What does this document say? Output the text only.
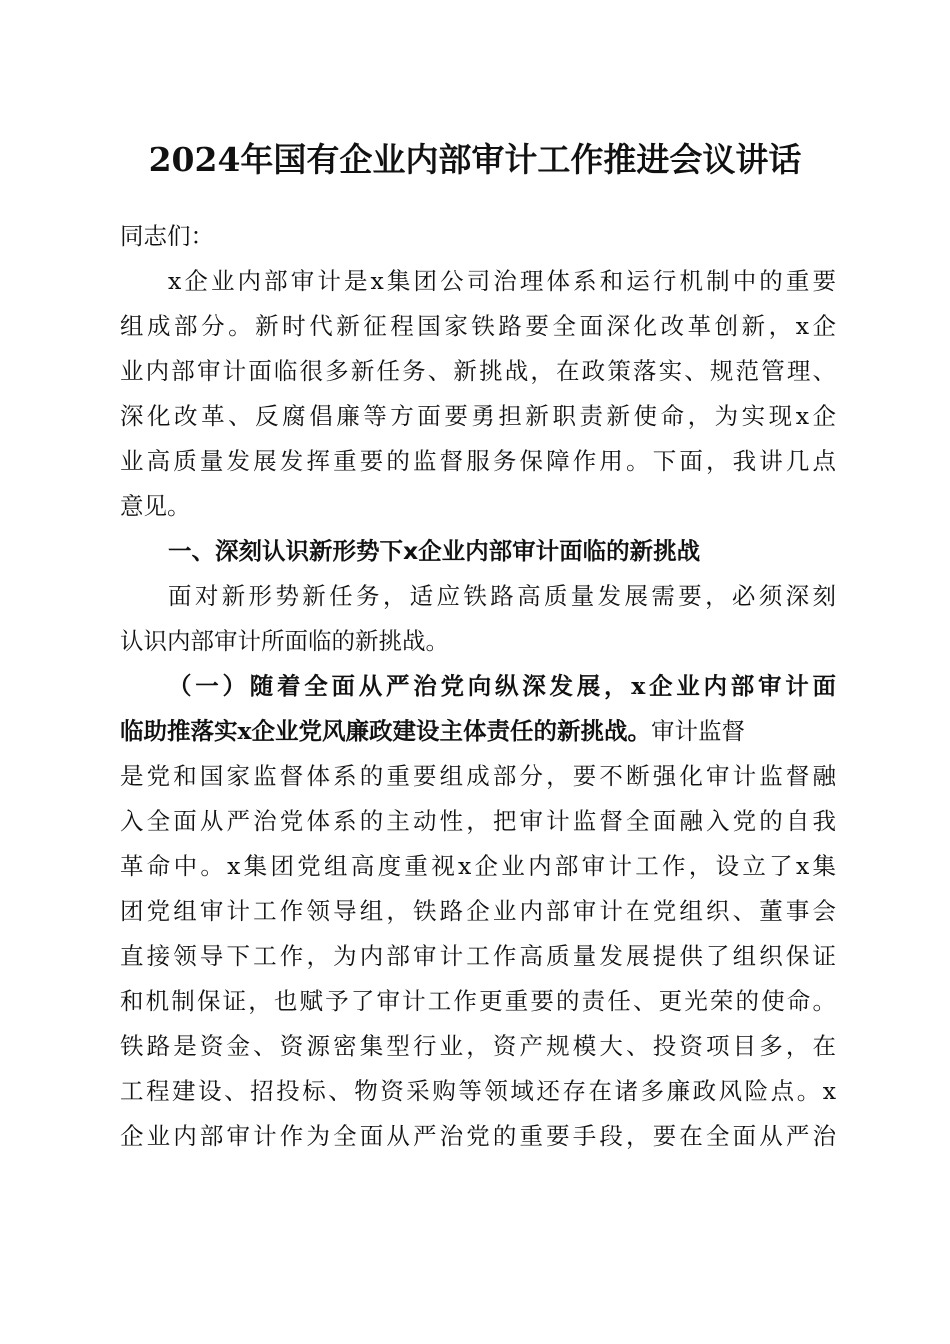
2024年国有企业内部审计工作推进会议讲话
同志们：
x企业内部审计是x集团公司治理体系和运行机制中的重要
组成部分。新时代新征程国家铁路要全面深化改革创新，x企
业内部审计面临很多新任务、新挑战，在政策落实、规范管理、
深化改革、反腐倡廉等方面要勇担新职责新使命，为实现x企
业高质量发展发挥重要的监督服务保障作用。下面，我讲几点
意见。
一、深刻认识新形势下x企业内部审计面临的新挑战
面对新形势新任务，适应铁路高质量发展需要，必须深刻
认识内部审计所面临的新挑战。
（一）随着全面从严治党向纵深发展，x企业内部审计面
临助推落实x企业党风廉政建设主体责任的新挑战。审计监督
是党和国家监督体系的重要组成部分，要不断强化审计监督融
入全面从严治党体系的主动性，把审计监督全面融入党的自我
革命中。x集团党组高度重视x企业内部审计工作，设立了x集
团党组审计工作领导组，铁路企业内部审计在党组织、董事会
直接领导下工作，为内部审计工作高质量发展提供了组织保证
和机制保证，也赋予了审计工作更重要的责任、更光荣的使命。
铁路是资金、资源密集型行业，资产规模大、投资项目多，在
工程建设、招投标、物资采购等领域还存在诸多廉政风险点。x
企业内部审计作为全面从严治党的重要手段，要在全面从严治
